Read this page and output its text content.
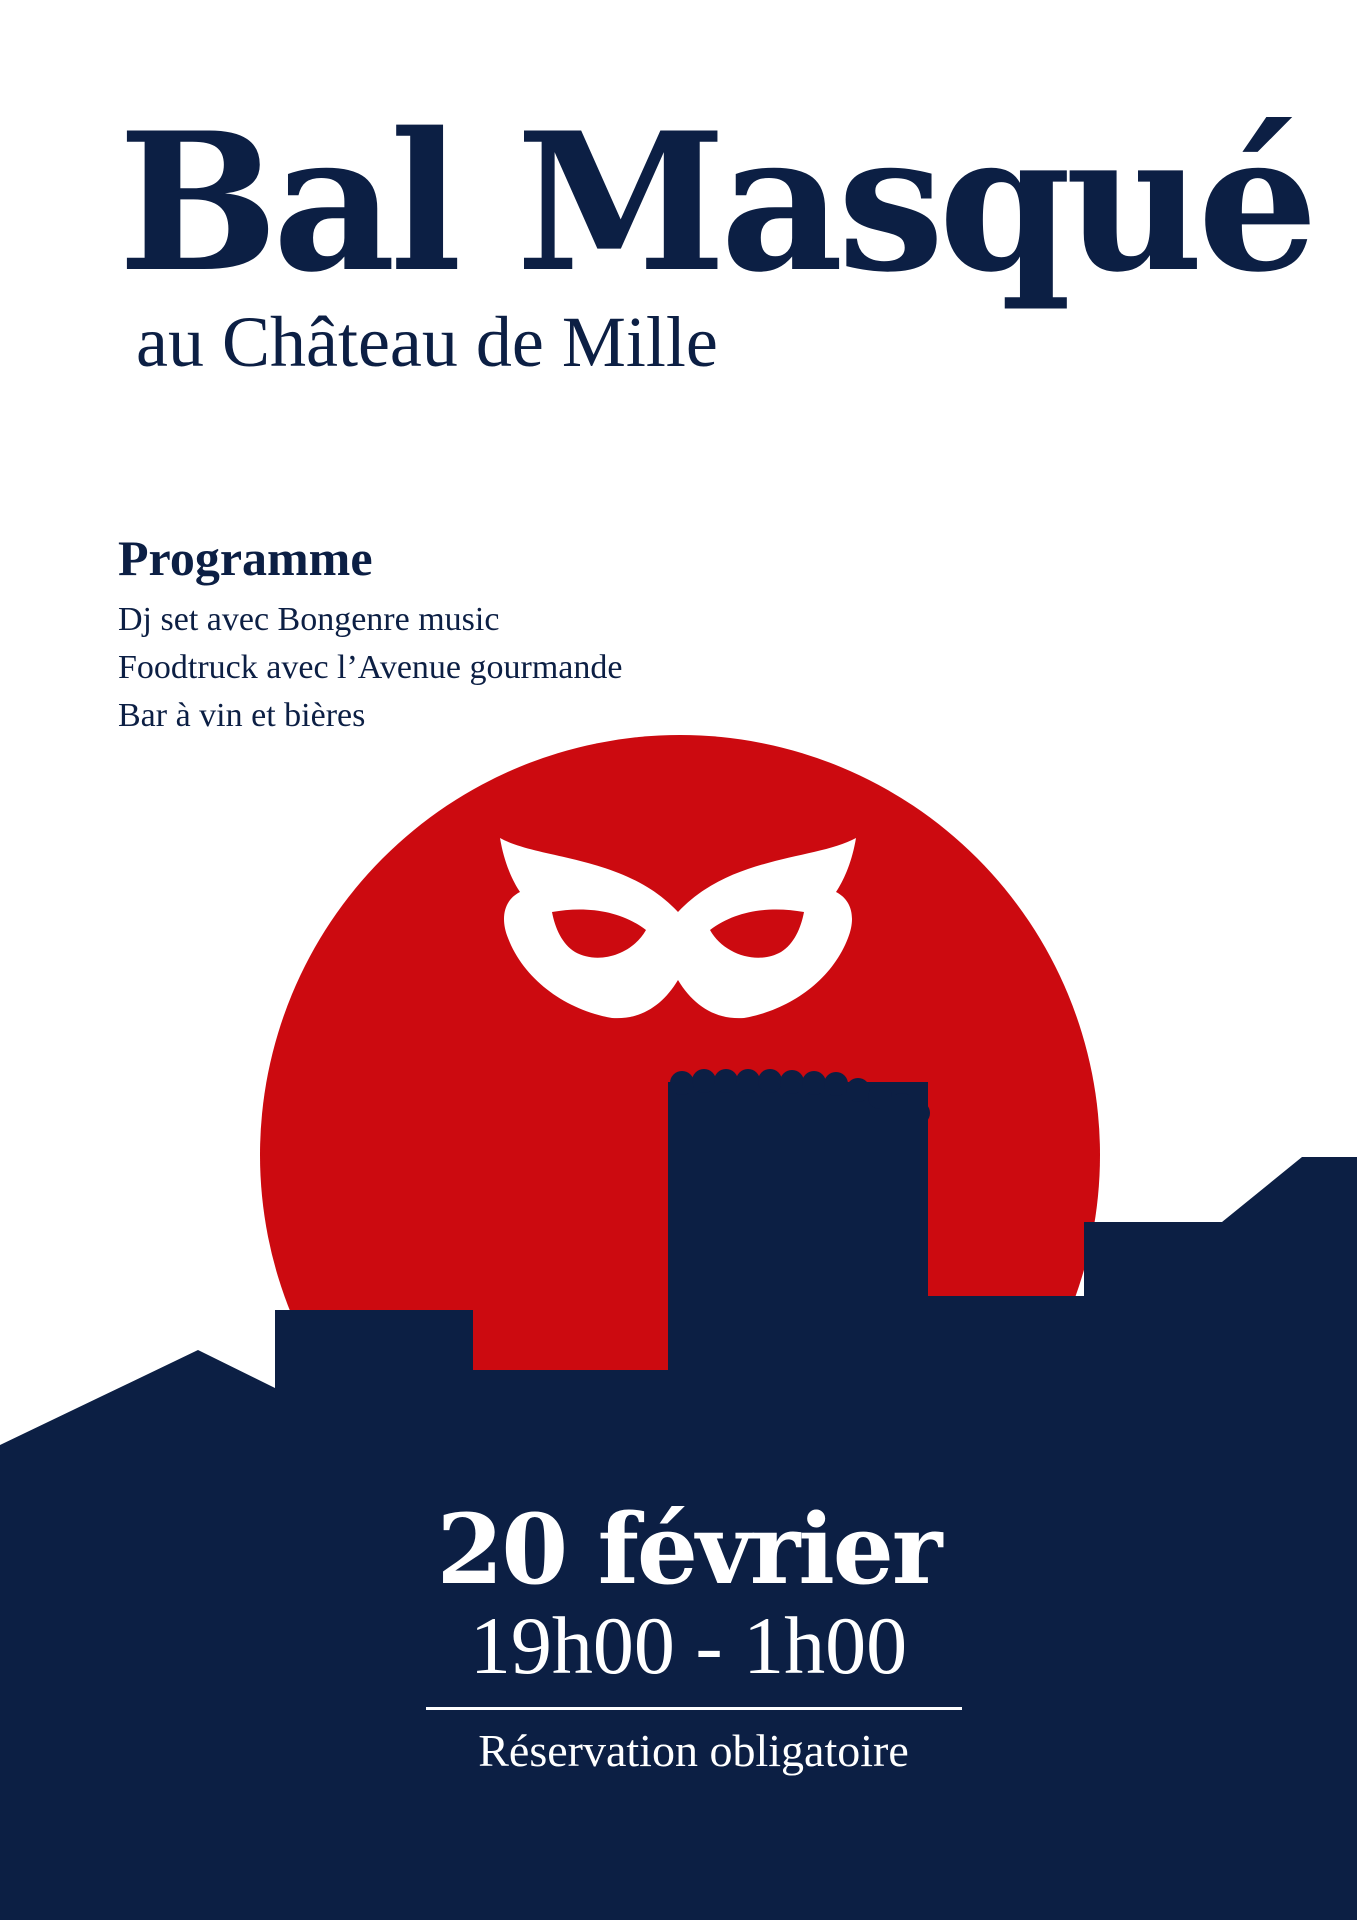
Bal Masqué

au Château de Mille

Programme
Dj set avec Bongenre music
Foodtruck avec l’Avenue gourmande
Bar à vin et bières
20 février
19h00 - 1h00
Réservation obligatoire
